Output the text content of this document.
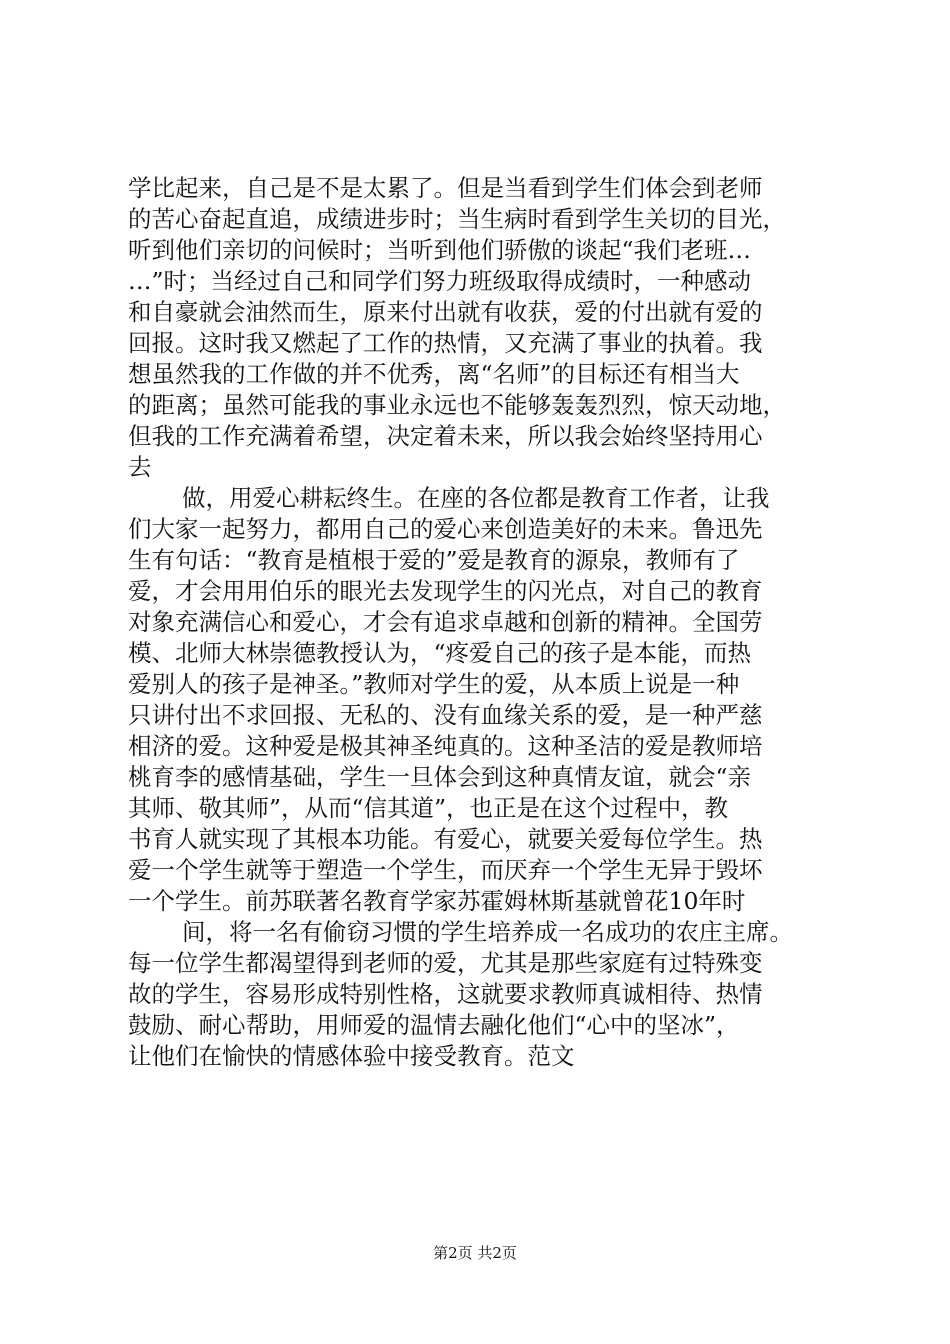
学比起来，自己是不是太累了。但是当看到学生们体会到老师
的苦心奋起直追，成绩进步时；当生病时看到学生关切的目光，
听到他们亲切的问候时；当听到他们骄傲的谈起“我们老班…
…”时；当经过自己和同学们努力班级取得成绩时，一种感动
和自豪就会油然而生，原来付出就有收获，爱的付出就有爱的
回报。这时我又燃起了工作的热情，又充满了事业的执着。我
想虽然我的工作做的并不优秀，离“名师”的目标还有相当大
的距离；虽然可能我的事业永远也不能够轰轰烈烈，惊天动地，
但我的工作充满着希望，决定着未来，所以我会始终坚持用心
去
做，用爱心耕耘终生。在座的各位都是教育工作者，让我
们大家一起努力，都用自己的爱心来创造美好的未来。鲁迅先
生有句话：“教育是植根于爱的”爱是教育的源泉，教师有了
爱，才会用用伯乐的眼光去发现学生的闪光点，对自己的教育
对象充满信心和爱心，才会有追求卓越和创新的精神。全国劳
模、北师大林崇德教授认为，“疼爱自己的孩子是本能，而热
爱别人的孩子是神圣。”教师对学生的爱，从本质上说是一种
只讲付出不求回报、无私的、没有血缘关系的爱，是一种严慈
相济的爱。这种爱是极其神圣纯真的。这种圣洁的爱是教师培
桃育李的感情基础，学生一旦体会到这种真情友谊，就会“亲
其师、敬其师”，从而“信其道”，也正是在这个过程中，教
书育人就实现了其根本功能。有爱心，就要关爱每位学生。热
爱一个学生就等于塑造一个学生，而厌弃一个学生无异于毁坏
一个学生。前苏联著名教育学家苏霍姆林斯基就曾花10年时
间，将一名有偷窃习惯的学生培养成一名成功的农庄主席。
每一位学生都渴望得到老师的爱，尤其是那些家庭有过特殊变
故的学生，容易形成特别性格，这就要求教师真诚相待、热情
鼓励、耐心帮助，用师爱的温情去融化他们“心中的坚冰”，
让他们在愉快的情感体验中接受教育。范文
第2页 共2页
